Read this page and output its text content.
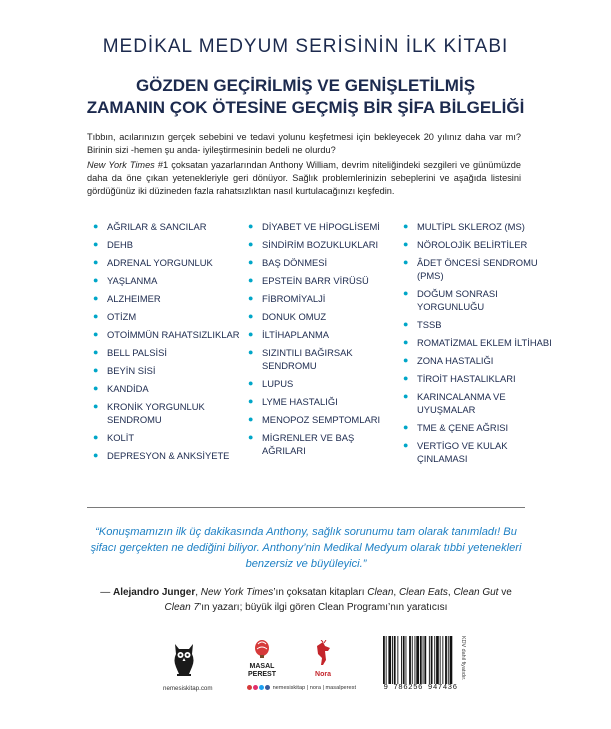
MEDİKAL MEDYUM SERİSİNİN İLK KİTABI
GÖZDEN GEÇİRİLMİŞ VE GENİŞLETİLMİŞ
ZAMANIN ÇOK ÖTESİNE GEÇMİŞ BİR ŞİFA BİLGELİĞİ
Tıbbın, acılarınızın gerçek sebebini ve tedavi yolunu keşfetmesi için bekleyecek 20 yılınız daha var mı? Birinin sizi -hemen şu anda- iyileştirmesinin bedeli ne olurdu?
New York Times #1 çoksatan yazarlarından Anthony William, devrim niteliğindeki sezgileri ve günümüzde daha da öne çıkan yetenekleriyle geri dönüyor. Sağlık problemlerinizin sebeplerini ve aşağıda listesini gördüğünüz iki düzineden fazla rahatsızlıktan nasıl kurtulacağınızı keşfedin.
● AĞRILAR & SANCILAR
● DEHB
● ADRENAL YORGUNLUK
● YAŞLANMA
● ALZHEIMER
● OTİZM
● OTOİMMÜN RAHATSIZLIKLAR
● BELL PALSİSİ
● BEYİN SİSİ
● KANDİDA
● KRONİK YORGUNLUK SENDROMU
● KOLİT
● DEPRESYON & ANKSİYETE
● DİYABET VE HİPOGLİSEMİ
● SİNDİRİM BOZUKLUKLARI
● BAŞ DÖNMESİ
● EPSTEİN BARR VİRÜSÜ
● FİBROMİYALJİ
● DONUK OMUZ
● İLTİHAPLANMA
● SIZINTILI BAĞIRSAK SENDROMU
● LUPUS
● LYME HASTALIĞI
● MENOPOZ SEMPTOMLARI
● MİGRENLER VE BAŞ AĞRILARI
● MULTİPL SKLEROZ (MS)
● NÖROLOJİK BELİRTİLER
● ÂDET ÖNCESİ SENDROMU (PMS)
● DOĞUM SONRASI YORGUNLUĞU
● TSSB
● ROMATİZMAL EKLEM İLTİHABI
● ZONA HASTALIĞI
● TİROİT HASTALIKLARI
● KARINCALANMA VE UYUŞMALAR
● TME & ÇENE AĞRISI
● VERTİGO VE KULAK ÇINLAMASI
“Konuşmamızın ilk üç dakikasında Anthony, sağlık sorunumu tam olarak tanımladı! Bu şifacı gerçekten ne dediğini biliyor. Anthony’nin Medikal Medyum olarak tıbbi yetenekleri benzersiz ve büyüleyici.”
— Alejandro Junger, New York Times’ın çoksatan kitapları Clean, Clean Eats, Clean Gut ve Clean 7’ın yazarı; büyük ilgi gören Clean Programı’nın yaratıcısı
MASAL
PEREST	Nora
nemesiskitap.com	nemesiskitap | nora | masalperest	9 786256 947436
KDV dahil fiyatıdır.
